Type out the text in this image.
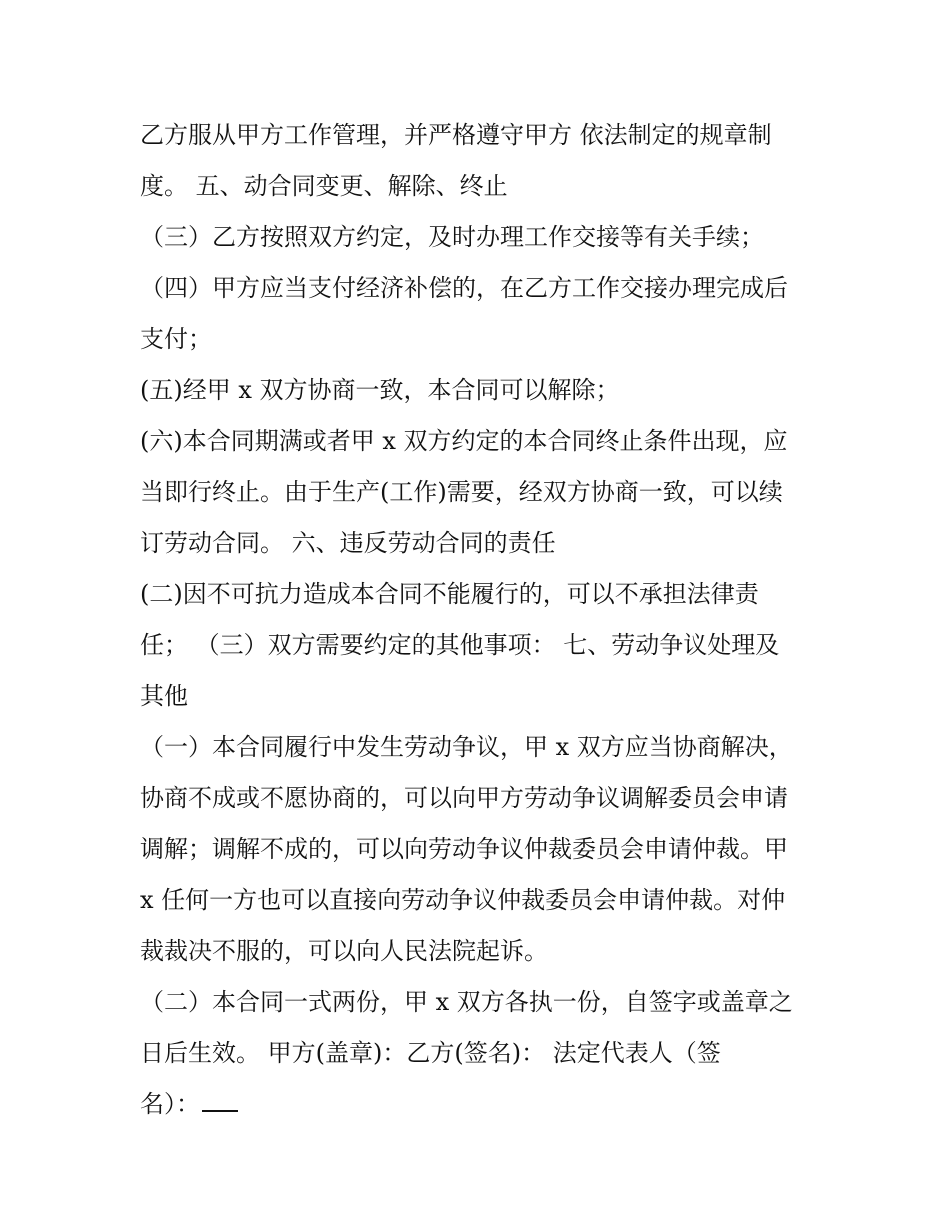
乙方服从甲方工作管理，并严格遵守甲方 依法制定的规章制
度。 五、动合同变更、解除、终止
（三）乙方按照双方约定，及时办理工作交接等有关手续；
（四）甲方应当支付经济补偿的，在乙方工作交接办理完成后
支付；
(五)经甲 x 双方协商一致，本合同可以解除；
(六)本合同期满或者甲 x 双方约定的本合同终止条件出现，应
当即行终止。由于生产(工作)需要，经双方协商一致，可以续
订劳动合同。 六、违反劳动合同的责任
(二)因不可抗力造成本合同不能履行的，可以不承担法律责
任； （三）双方需要约定的其他事项： 七、劳动争议处理及
其他
（一）本合同履行中发生劳动争议，甲 x 双方应当协商解决，
协商不成或不愿协商的，可以向甲方劳动争议调解委员会申请
调解；调解不成的，可以向劳动争议仲裁委员会申请仲裁。甲
x 任何一方也可以直接向劳动争议仲裁委员会申请仲裁。对仲
裁裁决不服的，可以向人民法院起诉。
（二）本合同一式两份，甲 x 双方各执一份，自签字或盖章之
日后生效。 甲方(盖章)：乙方(签名)： 法定代表人（签
名）：
